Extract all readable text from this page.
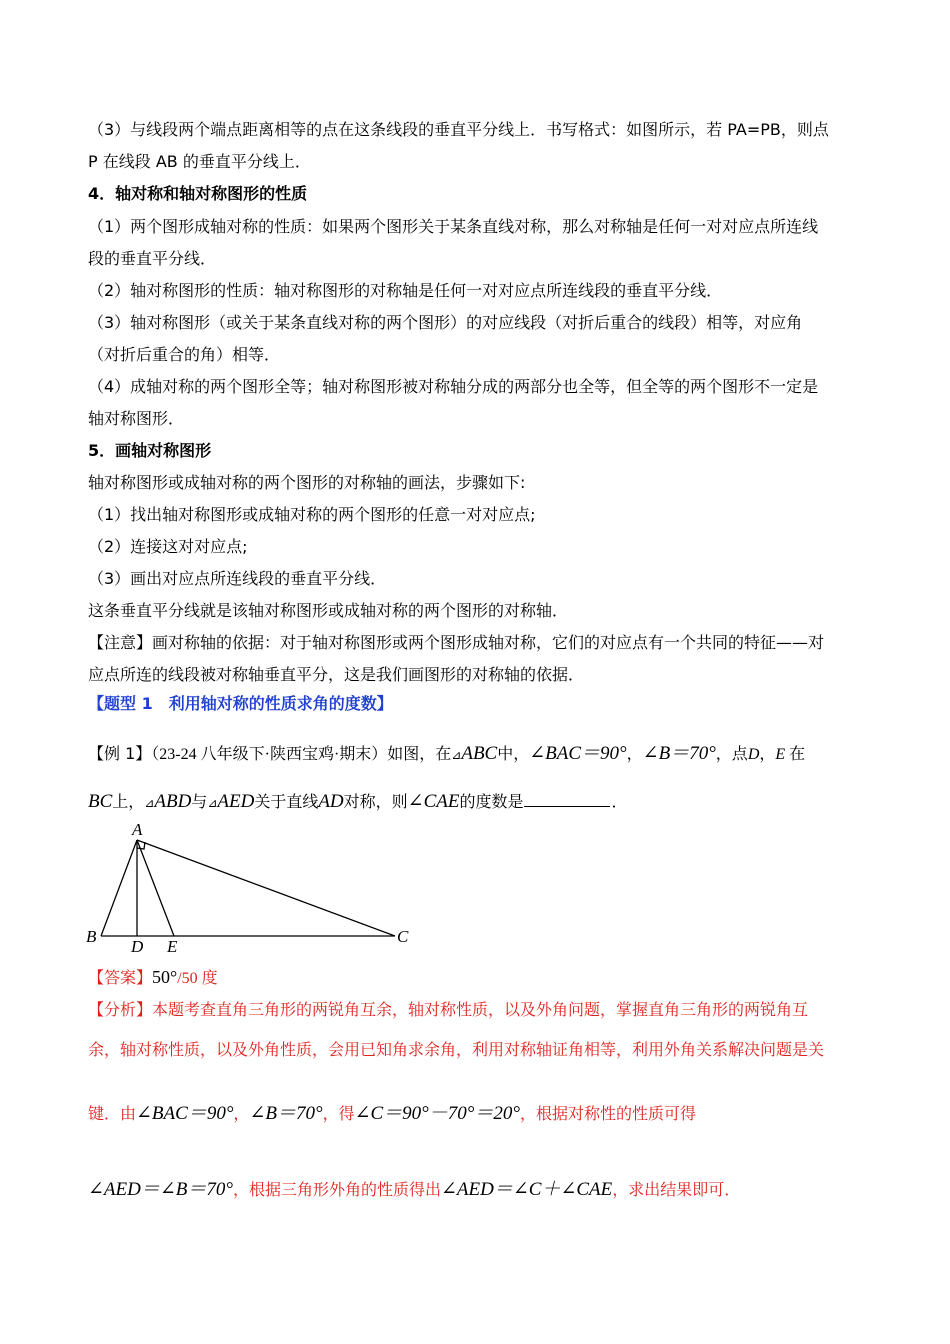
（3）与线段两个端点距离相等的点在这条线段的垂直平分线上．书写格式：如图所示，若 PA=PB，则点
P 在线段 AB 的垂直平分线上．
4．轴对称和轴对称图形的性质
（1）两个图形成轴对称的性质：如果两个图形关于某条直线对称，那么对称轴是任何一对对应点所连线
段的垂直平分线．
（2）轴对称图形的性质：轴对称图形的对称轴是任何一对对应点所连线段的垂直平分线．
（3）轴对称图形（或关于某条直线对称的两个图形）的对应线段（对折后重合的线段）相等，对应角
（对折后重合的角）相等．
（4）成轴对称的两个图形全等；轴对称图形被对称轴分成的两部分也全等，但全等的两个图形不一定是
轴对称图形．
5．画轴对称图形
轴对称图形或成轴对称的两个图形的对称轴的画法，步骤如下:
（1）找出轴对称图形或成轴对称的两个图形的任意一对对应点;
（2）连接这对对应点;
（3）画出对应点所连线段的垂直平分线．
这条垂直平分线就是该轴对称图形或成轴对称的两个图形的对称轴．
【注意】画对称轴的依据：对于轴对称图形或两个图形成轴对称，它们的对应点有一个共同的特征——对
应点所连的线段被对称轴垂直平分，这是我们画图形的对称轴的依据．
【题型 1　利用轴对称的性质求角的度数】
【例 1】（23-24 八年级下·陕西宝鸡·期末）如图，在⊿ABC中，∠BAC＝90°，∠B＝70°，点D，E 在
BC上，⊿ABD与⊿AED关于直线AD对称，则∠CAE的度数是	．
A
B
D E
C
【答案】50°/50 度
【分析】本题考查直角三角形的两锐角互余，轴对称性质，以及外角问题，掌握直角三角形的两锐角互
余，轴对称性质，以及外角性质，会用已知角求余角，利用对称轴证角相等，利用外角关系解决问题是关
键．由∠BAC＝90°，∠B＝70°，得∠C＝90°－70°＝20°，根据对称性的性质可得
∠AED＝∠B＝70°，根据三角形外角的性质得出∠AED＝∠C＋∠CAE，求出结果即可．
